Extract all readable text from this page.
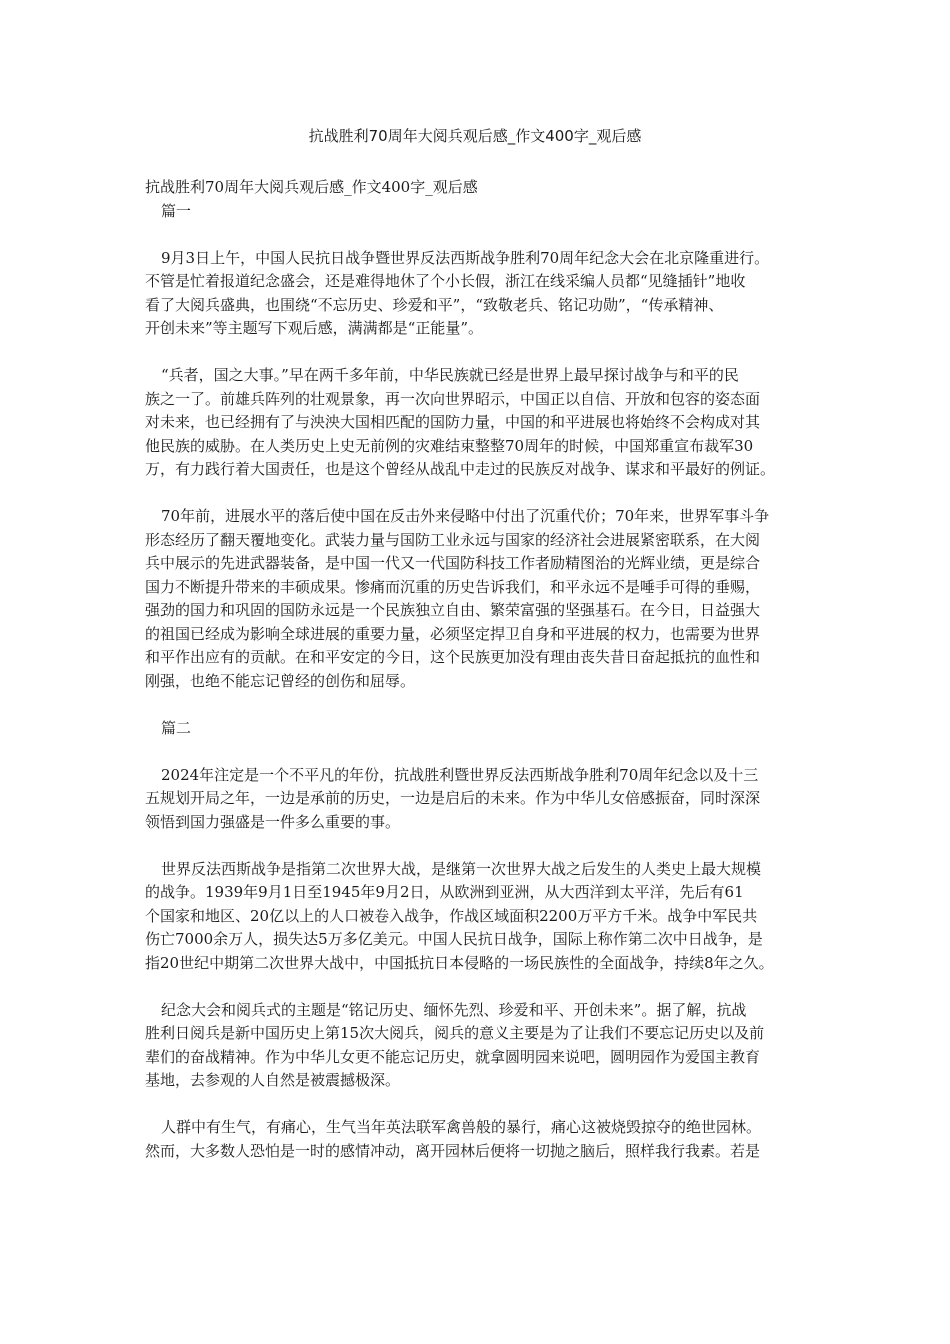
抗战胜利70周年大阅兵观后感_作文400字_观后感

抗战胜利70周年大阅兵观后感_作文400字_观后感

篇一

9月3日上午，中国人民抗日战争暨世界反法西斯战争胜利70周年纪念大会在北京隆重进行。

不管是忙着报道纪念盛会，还是难得地休了个小长假，浙江在线采编人员都“见缝插针”地收

看了大阅兵盛典，也围绕“不忘历史、珍爱和平”，“致敬老兵、铭记功勋”，“传承精神、

开创未来”等主题写下观后感，满满都是“正能量”。

“兵者，国之大事。”早在两千多年前，中华民族就已经是世界上最早探讨战争与和平的民

族之一了。前雄兵阵列的壮观景象，再一次向世界昭示，中国正以自信、开放和包容的姿态面

对未来，也已经拥有了与泱泱大国相匹配的国防力量，中国的和平进展也将始终不会构成对其

他民族的威胁。在人类历史上史无前例的灾难结束整整70周年的时候，中国郑重宣布裁军30

万，有力践行着大国责任，也是这个曾经从战乱中走过的民族反对战争、谋求和平最好的例证。

70年前，进展水平的落后使中国在反击外来侵略中付出了沉重代价；70年来，世界军事斗争

形态经历了翻天覆地变化。武装力量与国防工业永远与国家的经济社会进展紧密联系，在大阅

兵中展示的先进武器装备，是中国一代又一代国防科技工作者励精图治的光辉业绩，更是综合

国力不断提升带来的丰硕成果。惨痛而沉重的历史告诉我们，和平永远不是唾手可得的垂赐，

强劲的国力和巩固的国防永远是一个民族独立自由、繁荣富强的坚强基石。在今日，日益强大

的祖国已经成为影响全球进展的重要力量，必须坚定捍卫自身和平进展的权力，也需要为世界

和平作出应有的贡献。在和平安定的今日，这个民族更加没有理由丧失昔日奋起抵抗的血性和

刚强，也绝不能忘记曾经的创伤和屈辱。

篇二

2024年注定是一个不平凡的年份，抗战胜利暨世界反法西斯战争胜利70周年纪念以及十三

五规划开局之年，一边是承前的历史，一边是启后的未来。作为中华儿女倍感振奋，同时深深

领悟到国力强盛是一件多么重要的事。

世界反法西斯战争是指第二次世界大战，是继第一次世界大战之后发生的人类史上最大规模

的战争。1939年9月1日至1945年9月2日，从欧洲到亚洲，从大西洋到太平洋，先后有61

个国家和地区、20亿以上的人口被卷入战争，作战区域面积2200万平方千米。战争中军民共

伤亡7000余万人，损失达5万多亿美元。中国人民抗日战争，国际上称作第二次中日战争，是

指20世纪中期第二次世界大战中，中国抵抗日本侵略的一场民族性的全面战争，持续8年之久。

纪念大会和阅兵式的主题是“铭记历史、缅怀先烈、珍爱和平、开创未来”。据了解，抗战

胜利日阅兵是新中国历史上第15次大阅兵，阅兵的意义主要是为了让我们不要忘记历史以及前

辈们的奋战精神。作为中华儿女更不能忘记历史，就拿圆明园来说吧，圆明园作为爱国主教育

基地，去参观的人自然是被震撼极深。

人群中有生气，有痛心，生气当年英法联军禽兽般的暴行，痛心这被烧毁掠夺的绝世园林。

然而，大多数人恐怕是一时的感情冲动，离开园林后便将一切抛之脑后，照样我行我素。若是
